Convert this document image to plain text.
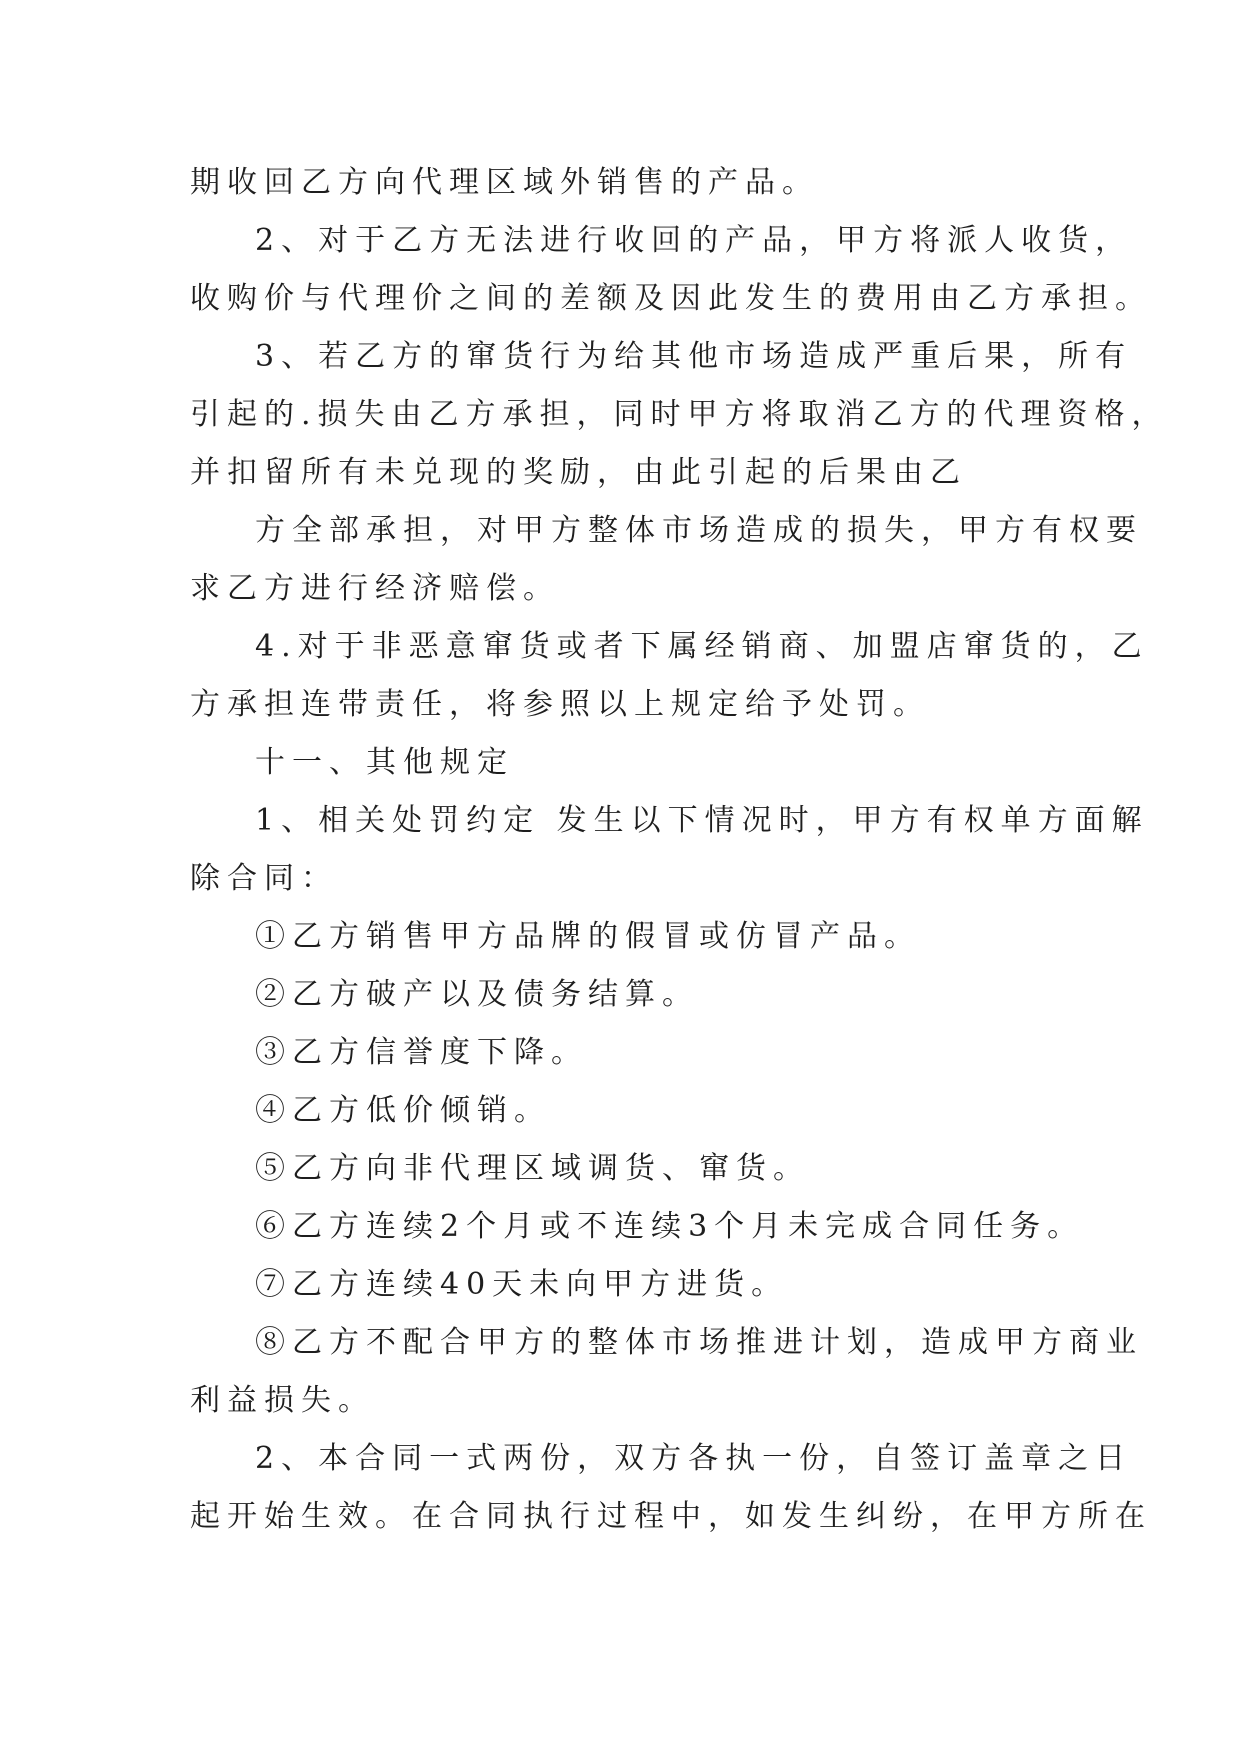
期收回乙方向代理区域外销售的产品。
2、对于乙方无法进行收回的产品，甲方将派人收货，
收购价与代理价之间的差额及因此发生的费用由乙方承担。
3、若乙方的窜货行为给其他市场造成严重后果，所有
引起的.损失由乙方承担，同时甲方将取消乙方的代理资格，
并扣留所有未兑现的奖励，由此引起的后果由乙
方全部承担，对甲方整体市场造成的损失，甲方有权要
求乙方进行经济赔偿。
4.对于非恶意窜货或者下属经销商、加盟店窜货的，乙
方承担连带责任，将参照以上规定给予处罚。
十一、其他规定
1、相关处罚约定 发生以下情况时，甲方有权单方面解
除合同：
①乙方销售甲方品牌的假冒或仿冒产品。
②乙方破产以及债务结算。
③乙方信誉度下降。
④乙方低价倾销。
⑤乙方向非代理区域调货、窜货。
⑥乙方连续2个月或不连续3个月未完成合同任务。
⑦乙方连续40天未向甲方进货。
⑧乙方不配合甲方的整体市场推进计划，造成甲方商业
利益损失。
2、本合同一式两份，双方各执一份，自签订盖章之日
起开始生效。在合同执行过程中，如发生纠纷，在甲方所在
